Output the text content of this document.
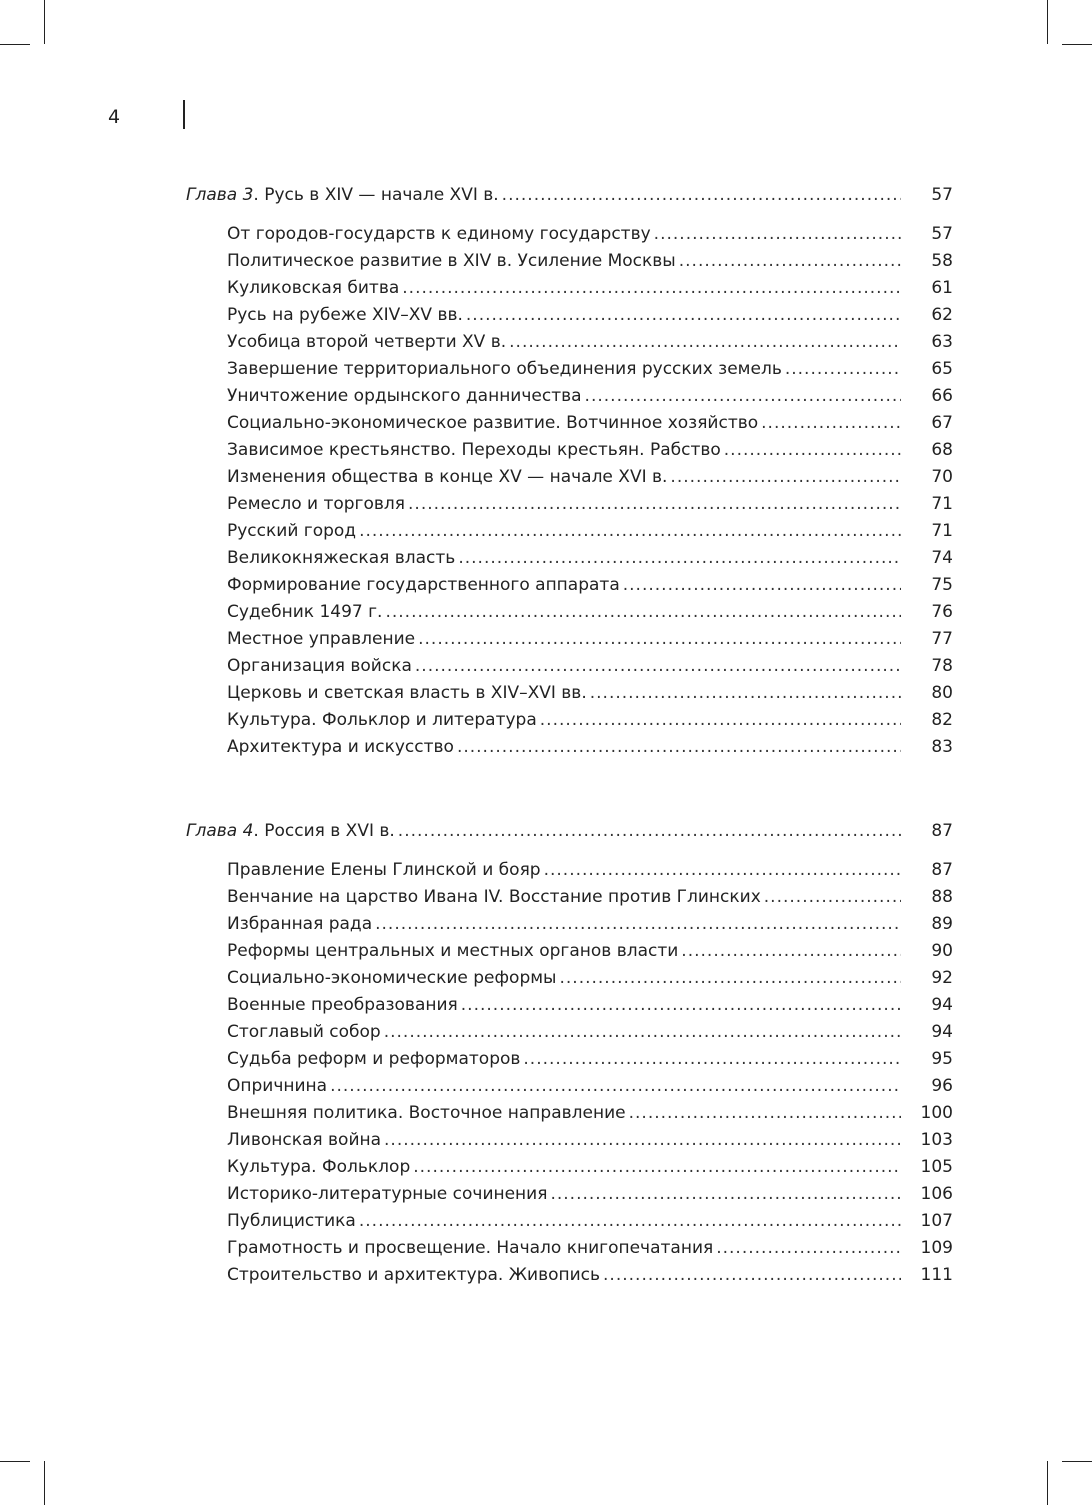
4
Глава 3. Русь в XIV — начале XVI в. .....	57
От городов-государств к единому государству .....	57
Политическое развитие в XIV в. Усиление Москвы .....	58
Куликовская битва .....	61
Русь на рубеже XIV–XV вв. .....	62
Усобица второй четверти XV в. .....	63
Завершение территориального объединения русских земель .....	65
Уничтожение ордынского данничества .....	66
Социально-экономическое развитие. Вотчинное хозяйство .....	67
Зависимое крестьянство. Переходы крестьян. Рабство .....	68
Изменения общества в конце XV — начале XVI в. .....	70
Ремесло и торговля .....	71
Русский город .....	71
Великокняжеская власть .....	74
Формирование государственного аппарата .....	75
Судебник 1497 г. .....	76
Местное управление .....	77
Организация войска .....	78
Церковь и светская власть в XIV–XVI вв. .....	80
Культура. Фольклор и литература .....	82
Архитектура и искусство .....	83
Глава 4. Россия в XVI в. .....	87
Правление Елены Глинской и бояр .....	87
Венчание на царство Ивана IV. Восстание против Глинских .....	88
Избранная рада .....	89
Реформы центральных и местных органов власти .....	90
Социально-экономические реформы .....	92
Военные преобразования .....	94
Стоглавый собор .....	94
Судьба реформ и реформаторов .....	95
Опричнина .....	96
Внешняя политика. Восточное направление .....	100
Ливонская война .....	103
Культура. Фольклор .....	105
Историко-литературные сочинения .....	106
Публицистика .....	107
Грамотность и просвещение. Начало книгопечатания .....	109
Строительство и архитектура. Живопись .....	111
